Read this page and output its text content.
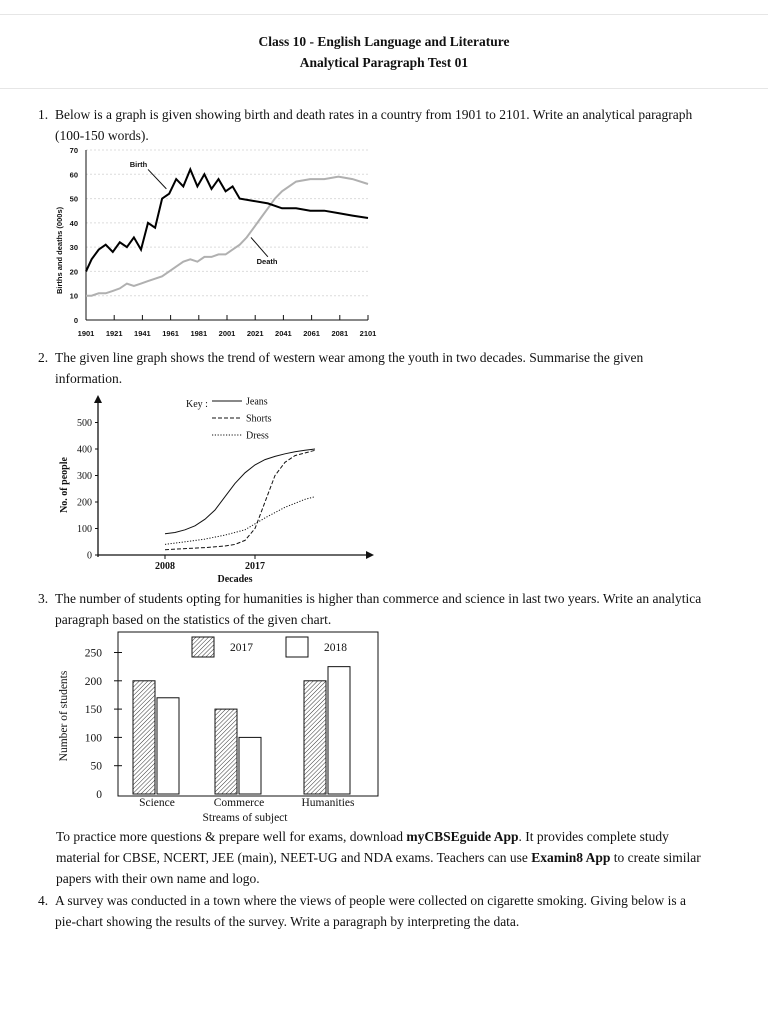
Class 10 - English Language and Literature
Analytical Paragraph Test 01
1. Below is a graph is given showing birth and death rates in a country from 1901 to 2101. Write an analytical paragraph
(100-150 words).
0
10
20
30
40
50
60
70
1901 1921 1941 1961 1981 2001 2021 2041 2061 2081 2101
Births and deaths (000s)
Birth
Death
2. The given line graph shows the trend of western wear among the youth in two decades. Summarise the given
information.
0
100
200
300
400
500
2008	2017
Decades
No. of people
Key :	Jeans
Shorts
Dress
3. The number of students opting for humanities is higher than commerce and science in last two years. Write an analytica
paragraph based on the statistics of the given chart.
0
50
100
150
200
250
Number of students
Science	Commerce	Humanities
Streams of subject
2017	2018
To practice more questions & prepare well for exams, download myCBSEguide App. It provides complete study
material for CBSE, NCERT, JEE (main), NEET-UG and NDA exams. Teachers can use Examin8 App to create similar
papers with their own name and logo.
4. A survey was conducted in a town where the views of people were collected on cigarette smoking. Giving below is a
pie-chart showing the results of the survey. Write a paragraph by interpreting the data.
